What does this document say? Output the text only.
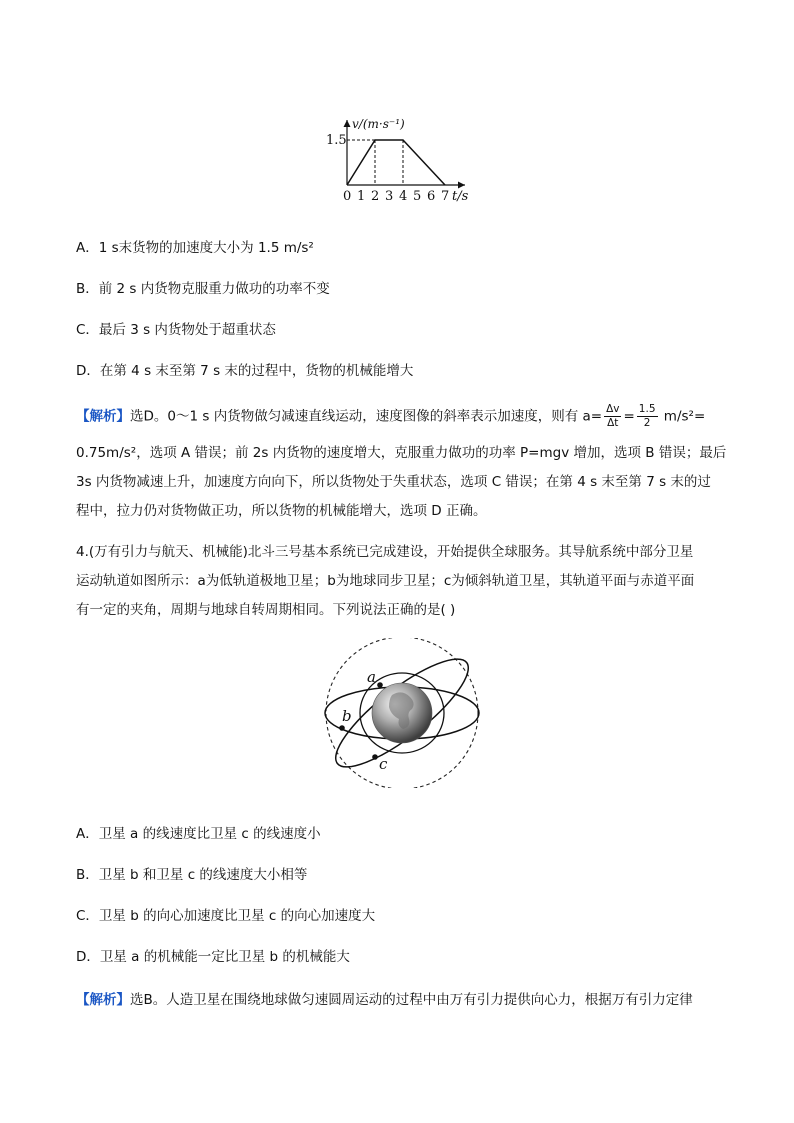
0 1 2 3 4 5 6 7
v/(m·s⁻¹)
t/s
1.5
A．1 s末货物的加速度大小为 1.5 m/s²
B．前 2 s 内货物克服重力做功的功率不变
C．最后 3 s 内货物处于超重状态
D．在第 4 s 末至第 7 s 末的过程中，货物的机械能增大
【解析】选D。0～1 s 内货物做匀减速直线运动，速度图像的斜率表示加速度，则有 $a= \frac{\Delta v}{\Delta t} = \frac{1.5}{2} m/s^2=$
0.75m/s²，选项 A 错误；前 2s 内货物的速度增大，克服重力做功的功率 P=mgv 增加，选项 B 错误；最后
3s 内货物减速上升，加速度方向向下，所以货物处于失重状态，选项 C 错误；在第 4 s 末至第 7 s 末的过
程中，拉力仍对货物做正功，所以货物的机械能增大，选项 D 正确。
4.(万有引力与航天、机械能)北斗三号基本系统已完成建设，开始提供全球服务。其导航系统中部分卫星
运动轨道如图所示：a为低轨道极地卫星；b为地球同步卫星；c为倾斜轨道卫星，其轨道平面与赤道平面
有一定的夹角，周期与地球自转周期相同。下列说法正确的是( )
a
b
c
A．卫星 a 的线速度比卫星 c 的线速度小
B．卫星 b 和卫星 c 的线速度大小相等
C．卫星 b 的向心加速度比卫星 c 的向心加速度大
D．卫星 a 的机械能一定比卫星 b 的机械能大
【解析】选B。人造卫星在围绕地球做匀速圆周运动的过程中由万有引力提供向心力，根据万有引力定律
